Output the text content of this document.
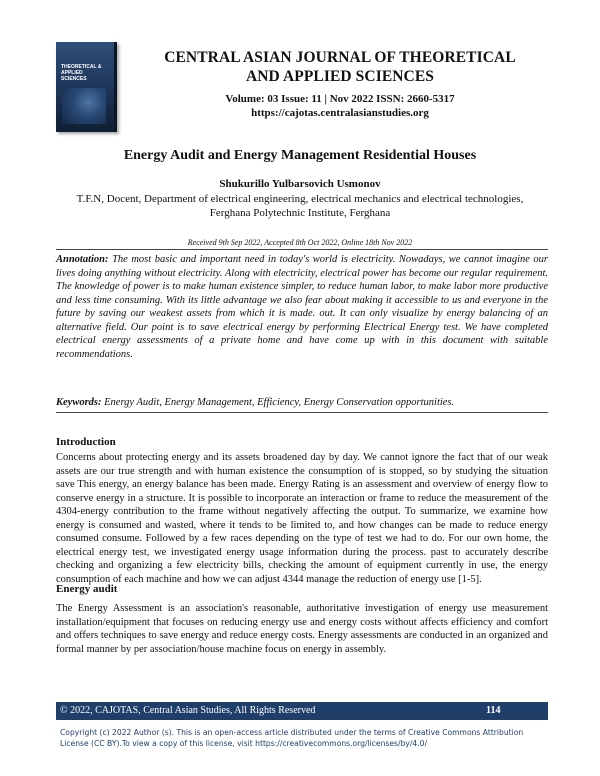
THEORETICAL & APPLIED SCIENCES
CENTRAL ASIAN JOURNAL OF THEORETICAL
AND APPLIED SCIENCES
Volume: 03 Issue: 11 | Nov 2022 ISSN: 2660-5317
https://cajotas.centralasianstudies.org
Energy Audit and Energy Management Residential Houses
Shukurillo Yulbarsovich Usmonov
T.F.N, Docent, Department of electrical engineering, electrical mechanics and electrical technologies, Ferghana Polytechnic Institute, Ferghana
Received 9th Sep 2022, Accepted 8th Oct 2022, Online 18th Nov 2022
Annotation: The most basic and important need in today's world is electricity. Nowadays, we cannot imagine our lives doing anything without electricity. Along with electricity, electrical power has become our regular requirement. The knowledge of power is to make human existence simpler, to reduce human labor, to make labor more productive and less time consuming. With its little advantage we also fear about making it accessible to us and everyone in the future by saving our weakest assets from which it is made. out. It can only visualize by energy balancing of an alternative field. Our point is to save electrical energy by performing Electrical Energy test. We have completed electrical energy assessments of a private home and have come up with in this document with suitable recommendations.
Keywords: Energy Audit, Energy Management, Efficiency, Energy Conservation opportunities.
Introduction
Concerns about protecting energy and its assets broadened day by day. We cannot ignore the fact that of our weak assets are our true strength and with human existence the consumption of is stopped, so by studying the situation save This energy, an energy balance has been made. Energy Rating is an assessment and overview of energy flow to conserve energy in a structure. It is possible to incorporate an interaction or frame to reduce the measurement of the 4304-energy contribution to the frame without negatively affecting the output. To summarize, we examine how energy is consumed and wasted, where it tends to be limited to, and how changes can be made to reduce energy consumed consume. Followed by a few races depending on the type of test we had to do. For our own home, the electrical energy test, we investigated energy usage information during the process. past to accurately describe checking and organizing a few electricity bills, checking the amount of equipment currently in use, the energy consumption of each machine and how we can adjust 4344 manage the reduction of energy use [1-5].
Energy audit
The Energy Assessment is an association's reasonable, authoritative investigation of energy use measurement installation/equipment that focuses on reducing energy use and energy costs without affects efficiency and comfort and offers techniques to save energy and reduce energy costs. Energy assessments are conducted in an organized and formal manner by per association/house machine focus on energy in assembly.
© 2022, CAJOTAS, Central Asian Studies, All Rights Reserved	114
Copyright (c) 2022 Author (s). This is an open-access article distributed under the terms of Creative Commons Attribution License (CC BY).To view a copy of this license, visit https://creativecommons.org/licenses/by/4.0/
